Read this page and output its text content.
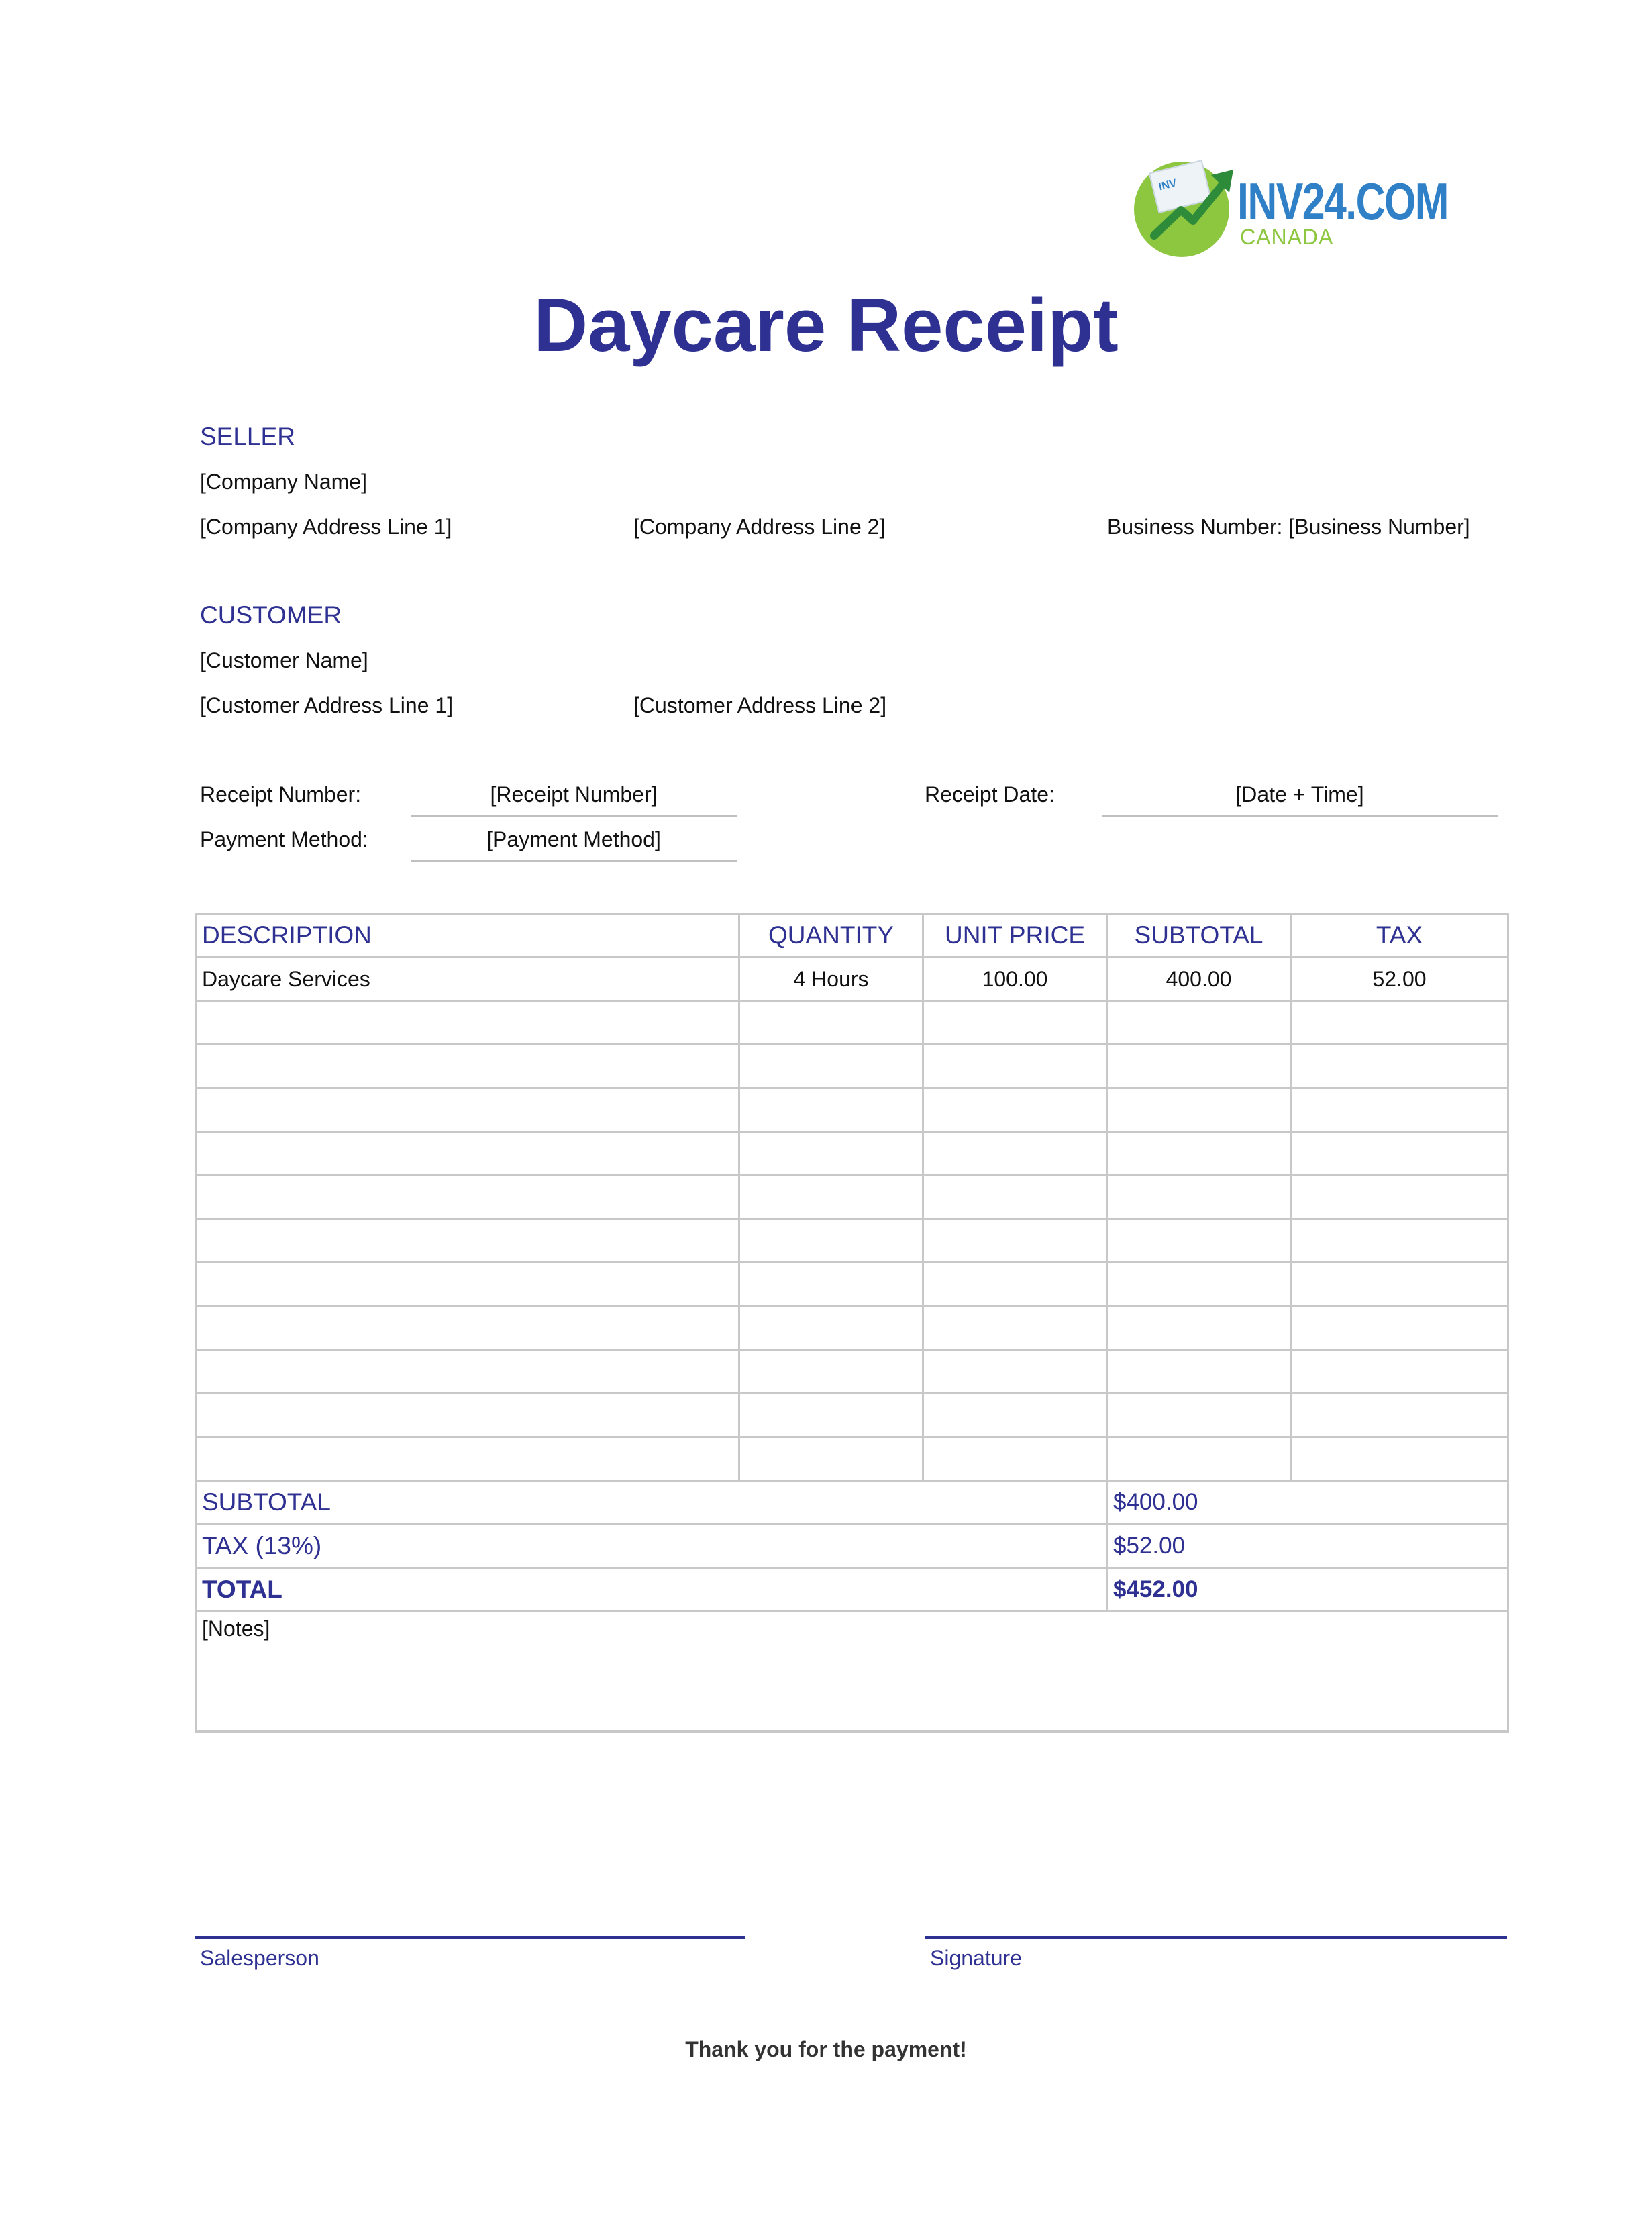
INV INV24.COM
CANADA
Daycare Receipt
SELLER
[Company Name]
[Company Address Line 1]	[Company Address Line 2]	Business Number: [Business Number]
CUSTOMER
[Customer Name]
[Customer Address Line 1]	[Customer Address Line 2]
Receipt Number:	[Receipt Number]	Receipt Date:	[Date + Time]
Payment Method:	[Payment Method]
DESCRIPTION	QUANTITY	UNIT PRICE	SUBTOTAL	TAX
Daycare Services	4 Hours	100.00	400.00	52.00

SUBTOTAL			$400.00	
TAX (13%)			$52.00	
TOTAL			$452.00	
[Notes]				
Salesperson	Signature
Thank you for the payment!
